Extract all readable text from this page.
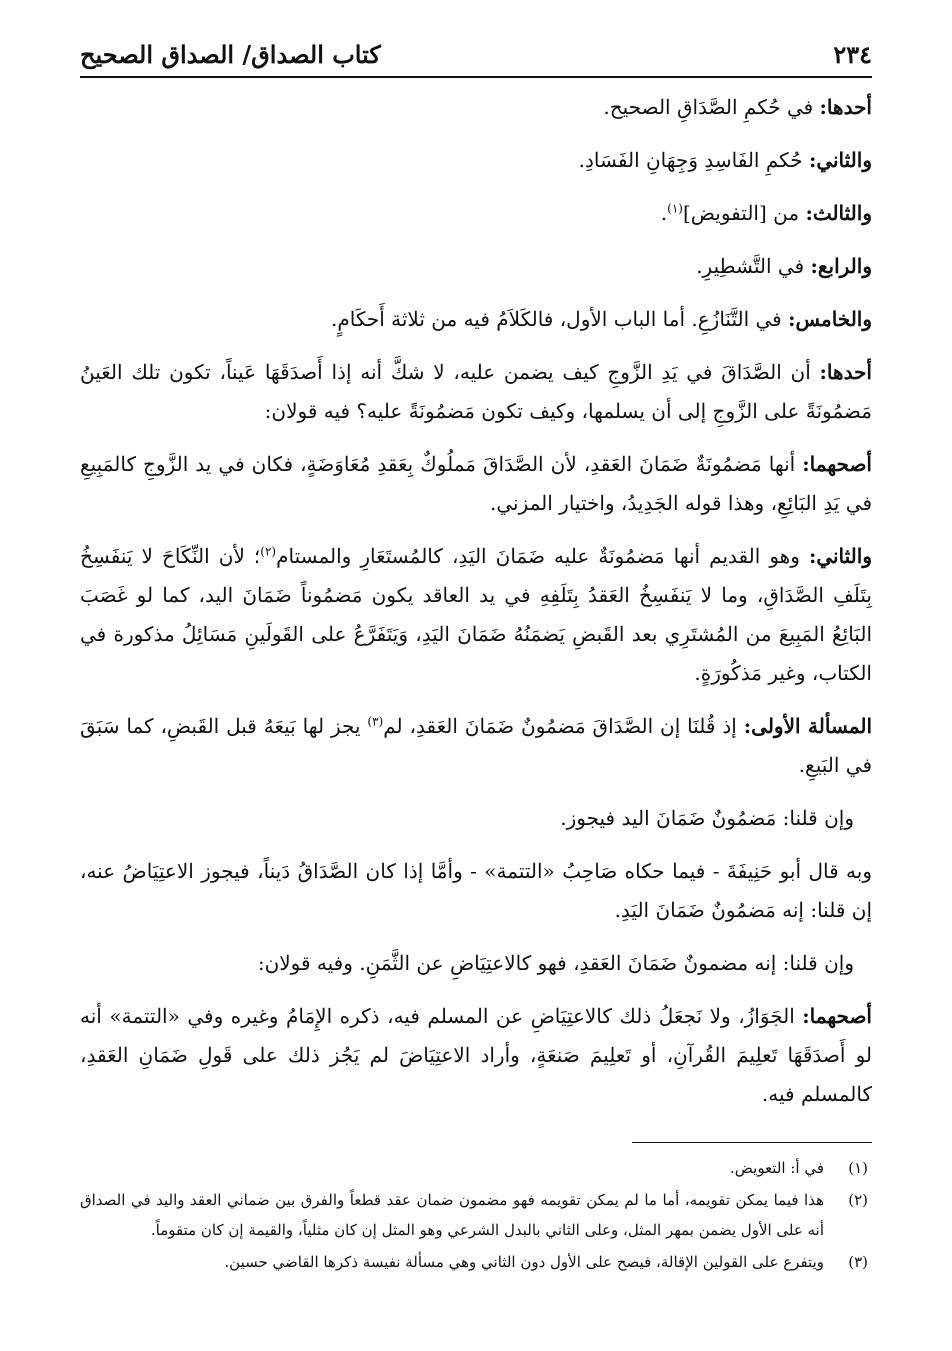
٢٣٤
كتاب الصداق/ الصداق الصحيح

أحدها: في حُكمِ الصَّدَاقِ الصحيح.

والثاني: حُكمِ الفَاسِدِ وَجِهَانِ الفَسَادِ.

والثالث: من [التفويض]$^{(١)}$.

والرابع: في التَّشطِيرِ.

والخامس: في التَّنَازُعِ. أما الباب الأول، فالكَلاَمُ فيه من ثلاثة أَحكَامٍ.

أحدها: أن الصَّدَاقَ في يَدِ الزَّوجِ كيف يضمن عليه، لا شكَّ أنه إذا أَصدَقَهَا عَيناً، تكون تلك العَينُ مَضمُونَةً على الزَّوجِ إلى أن يسلمها، وكيف تكون مَضمُونَةً عليه؟ فيه قولان:

أصحهما: أنها مَضمُونَةٌ ضَمَانَ العَقدِ، لأن الصَّدَاقَ مَملُوكٌ بِعَقدِ مُعَاوَضَةٍ، فكان في يد الزَّوجِ كالمَبِيعِ في يَدِ البَائِعِ، وهذا قوله الجَدِيدُ، واختيار المزني.

والثاني: وهو القديم أنها مَضمُونَةٌ عليه ضَمَانَ اليَدِ، كالمُستَعَارِ والمستام$^{(٢)}$؛ لأن النِّكَاحَ لا يَنفَسِخُ بِتَلَفِ الصَّدَاقِ، وما لا يَنفَسِخُ العَقدُ بِتَلَفِهِ في يد العاقد يكون مَضمُوناً ضَمَانَ اليد، كما لو غَصَبَ البَائِعُ المَبِيعَ من المُشتَرِي بعد القَبضِ يَضمَنُهُ ضَمَانَ اليَدِ، وَيَتَفَرَّعُ على القَولَينِ مَسَائِلُ مذكورة في الكتاب، وغير مَذكُورَةٍ.

المسألة الأولى: إذ قُلنَا إن الصَّدَاقَ مَضمُونٌ ضَمَانَ العَقدِ، لم$^{(٣)}$ يجز لها بَيعَهُ قبل القَبضِ، كما سَبَقَ في البَيعِ.

وإن قلنا: مَضمُونٌ ضَمَانَ اليد فيجوز.

وبه قال أبو حَنِيفَةَ - فيما حكاه صَاحِبُ «التتمة» - وأمَّا إذا كان الصَّدَاقُ دَيناً، فيجوز الاعتِيَاضُ عنه، إن قلنا: إنه مَضمُونٌ ضَمَانَ اليَدِ.

وإن قلنا: إنه مضمونٌ ضَمَانَ العَقدِ، فهو كالاعتِيَاضِ عن الثَّمَنِ. وفيه قولان:

أصحهما: الجَوَازُ، ولا نَجعَلُ ذلك كالاعتِيَاضِ عن المسلم فيه، ذكره الإِمَامُ وغيره وفي «التتمة» أنه لو أَصدَقَهَا تَعلِيمَ القُرآنِ، أو تَعلِيمَ صَنعَةٍ، وأراد الاعتِيَاضَ لم يَجُز ذلك على قَولِ ضَمَانِ العَقدِ، كالمسلم فيه.

(١)
في أ: التعويض.
(٢)
هذا فيما يمكن تقويمه، أما ما لم يمكن تقويمه فهو مضمون ضمان عقد قطعاً والفرق بين ضماني العقد واليد في الصداق أنه على الأول يضمن بمهر المثل، وعلى الثاني بالبدل الشرعي وهو المثل إن كان مثلياً، والقيمة إن كان متقوماً.
(٣)
ويتفرع على القولين الإقالة، فيصح على الأول دون الثاني وهي مسألة نفيسة ذكرها القاضي حسين.
